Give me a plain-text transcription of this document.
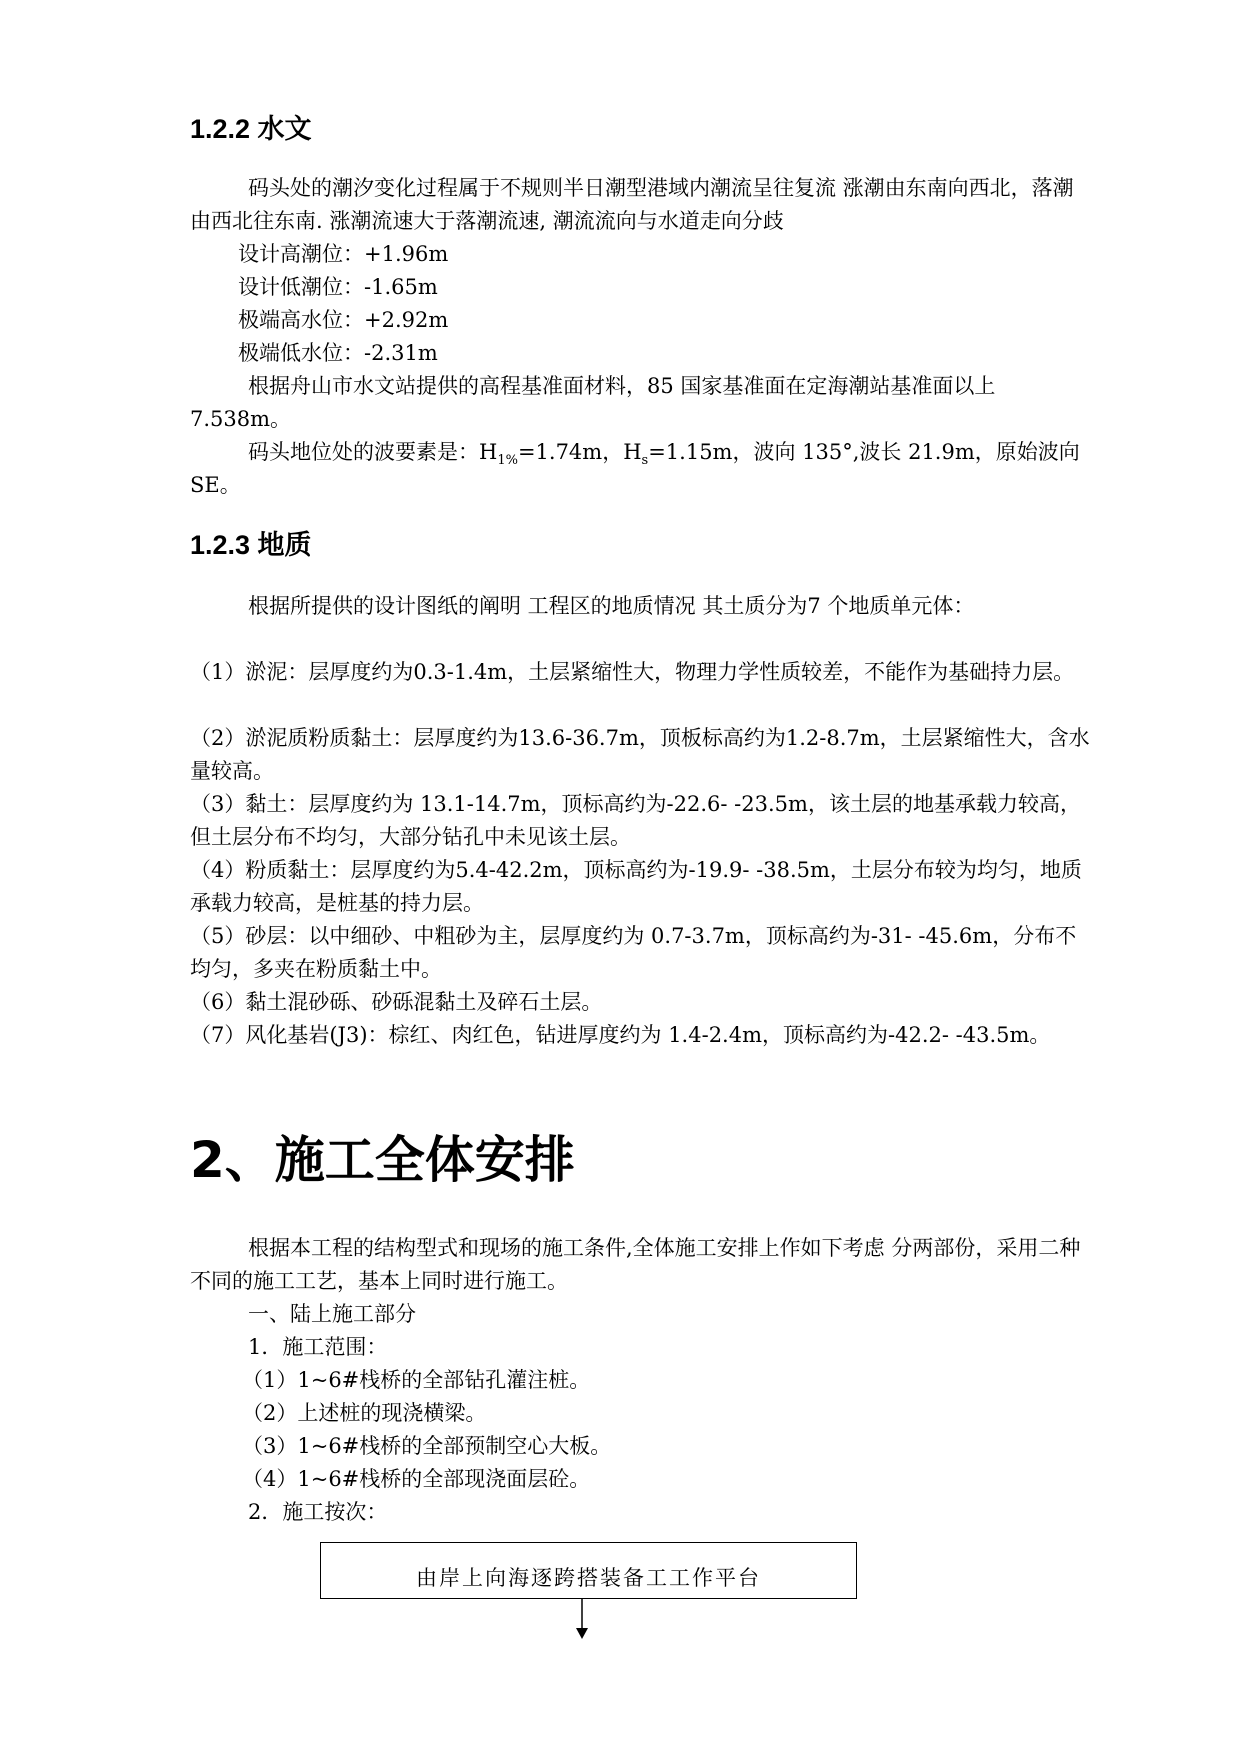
1.2.2 水文
码头处的潮汐变化过程属于不规则半日潮型港域内潮流呈往复流 涨潮由东南向西北，落潮由西北往东南. 涨潮流速大于落潮流速, 潮流流向与水道走向分歧
设计高潮位：+1.96m
设计低潮位：-1.65m
极端高水位：+2.92m
极端低水位：-2.31m
根据舟山市水文站提供的高程基准面材料，85 国家基准面在定海潮站基准面以上 7.538m。
码头地位处的波要素是：$H_{1\%}=1.74m$，$H_s=1.15m$，波向 135°,波长 21.9m，原始波向SE。
1.2.3 地质
根据所提供的设计图纸的阐明 工程区的地质情况 其土质分为7 个地质单元体：
（1）淤泥：层厚度约为0.3-1.4m，土层紧缩性大，物理力学性质较差，不能作为基础持力层。
（2）淤泥质粉质黏土：层厚度约为13.6-36.7m，顶板标高约为1.2-8.7m，土层紧缩性大，含水量较高。
（3）黏土：层厚度约为 13.1-14.7m，顶标高约为-22.6- -23.5m，该土层的地基承载力较高，但土层分布不均匀，大部分钻孔中未见该土层。
（4）粉质黏土：层厚度约为5.4-42.2m，顶标高约为-19.9- -38.5m，土层分布较为均匀，地质承载力较高，是桩基的持力层。
（5）砂层：以中细砂、中粗砂为主，层厚度约为 0.7-3.7m，顶标高约为-31- -45.6m，分布不均匀，多夹在粉质黏土中。
（6）黏土混砂砾、砂砾混黏土及碎石土层。
（7）风化基岩(J3)：棕红、肉红色，钻进厚度约为 1.4-2.4m，顶标高约为-42.2- -43.5m。
2、施工全体安排
根据本工程的结构型式和现场的施工条件,全体施工安排上作如下考虑 分两部份，采用二种不同的施工工艺，基本上同时进行施工。
一、陆上施工部分
1．施工范围：
（1）1~6#栈桥的全部钻孔灌注桩。
（2）上述桩的现浇横梁。
（3）1~6#栈桥的全部预制空心大板。
（4）1~6#栈桥的全部现浇面层砼。
2．施工按次：
由岸上向海逐跨搭装备工工作平台
